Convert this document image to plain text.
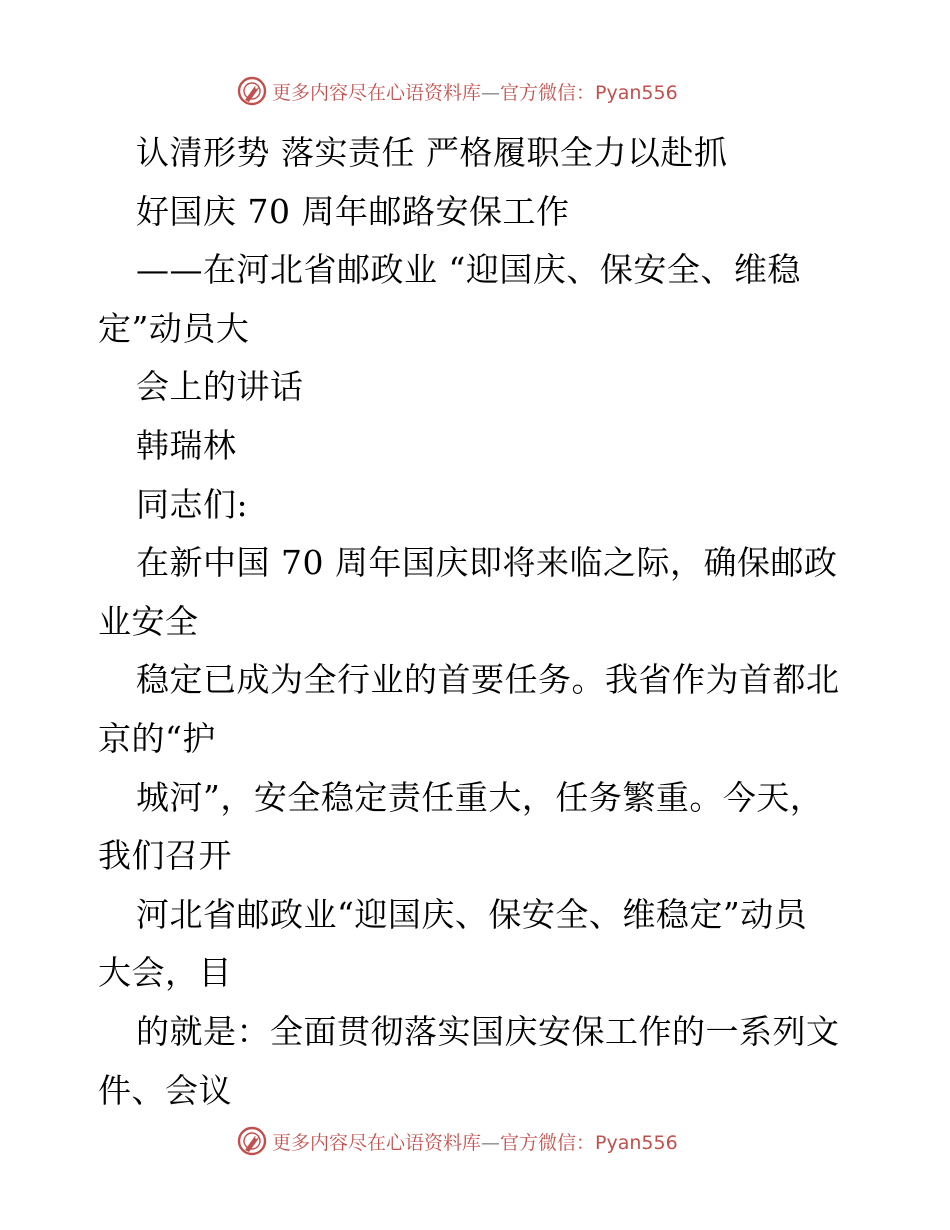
更多内容尽在心语资料库—官方微信：Pyan556
认清形势 落实责任 严格履职全力以赴抓
好国庆 70 周年邮路安保工作
——在河北省邮政业 “迎国庆、保安全、维稳
定”动员大
会上的讲话
韩瑞林
同志们:
在新中国 70 周年国庆即将来临之际，确保邮政
业安全
稳定已成为全行业的首要任务。我省作为首都北
京的“护
城河”，安全稳定责任重大，任务繁重。今天，
我们召开
河北省邮政业“迎国庆、保安全、维稳定”动员
大会，目
的就是：全面贯彻落实国庆安保工作的一系列文
件、会议
更多内容尽在心语资料库—官方微信：Pyan556
